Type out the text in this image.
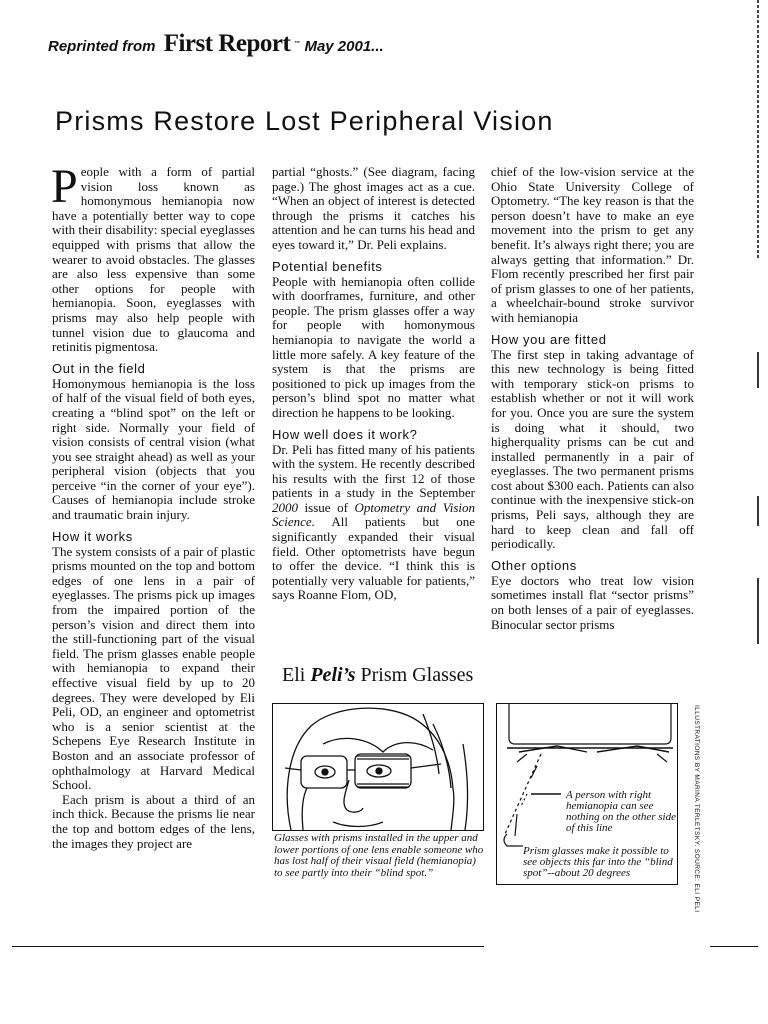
Reprinted from First Report ™ May 2001...
Prisms Restore Lost Peripheral Vision

People with a form of partial vision loss known as homonymous hemianopia now have a potentially better way to cope with their disability: special eyeglasses equipped with prisms that allow the wearer to avoid obstacles. The glasses are also less expensive than some other options for people with hemianopia. Soon, eyeglasses with prisms may also help people with tunnel vision due to glaucoma and retinitis pigmentosa.

Out in the field

Homonymous hemianopia is the loss of half of the visual field of both eyes, creating a “blind spot” on the left or right side. Normally your field of vision consists of central vision (what you see straight ahead) as well as your peripheral vision (objects that you perceive “in the corner of your eye”). Causes of hemianopia include stroke and traumatic brain injury.

How it works

The system consists of a pair of plastic prisms mounted on the top and bottom edges of one lens in a pair of eyeglasses. The prisms pick up images from the impaired portion of the person’s vision and direct them into the still-functioning part of the visual field. The prism glasses enable people with hemianopia to expand their effective visual field by up to 20 degrees. They were developed by Eli Peli, OD, an engineer and optometrist who is a senior scientist at the Schepens Eye Research Institute in Boston and an associate professor of ophthalmology at Harvard Medical School.

Each prism is about a third of an inch thick. Because the prisms lie near the top and bottom edges of the lens, the images they project are

partial “ghosts.” (See diagram, facing page.) The ghost images act as a cue. “When an object of interest is detected through the prisms it catches his attention and he can turns his head and eyes toward it,” Dr. Peli explains.

Potential benefits

People with hemianopia often collide with doorframes, furniture, and other people. The prism glasses offer a way for people with homonymous hemianopia to navigate the world a little more safely. A key feature of the system is that the prisms are positioned to pick up images from the person’s blind spot no matter what direction he happens to be looking.

How well does it work?

Dr. Peli has fitted many of his patients with the system. He recently described his results with the first 12 of those patients in a study in the September 2000 issue of Optometry and Vision Science. All patients but one significantly expanded their visual field. Other optometrists have begun to offer the device. “I think this is potentially very valuable for patients,” says Roanne Flom, OD,

chief of the low-vision service at the Ohio State University College of Optometry. “The key reason is that the person doesn’t have to make an eye movement into the prism to get any benefit. It’s always right there; you are always getting that information.” Dr. Flom recently prescribed her first pair of prism glasses to one of her patients, a wheelchair-bound stroke survivor with hemianopia

How you are fitted

The first step in taking advantage of this new technology is being fitted with temporary stick-on prisms to establish whether or not it will work for you. Once you are sure the system is doing what it should, two higherquality prisms can be cut and installed permanently in a pair of eyeglasses. The two permanent prisms cost about $300 each. Patients can also continue with the inexpensive stick-on prisms, Peli says, although they are hard to keep clean and fall off periodically.

Other options

Eye doctors who treat low vision sometimes install flat “sector prisms” on both lenses of a pair of eyeglasses. Binocular sector prisms

Eli Peli’s Prism Glasses
Glasses with prisms installed in the upper and lower portions of one lens enable someone who has lost half of their visual field (hemianopia) to see partly into their “blind spot.”
A person with right hemianopia can see nothing on the other side of this line
Prism glasses make it possible to see objects this far into the “blind spot”--about 20 degrees	ILLUSTRATIONS BY MARINA TERLETSKY. SOURCE: ELI PELI
